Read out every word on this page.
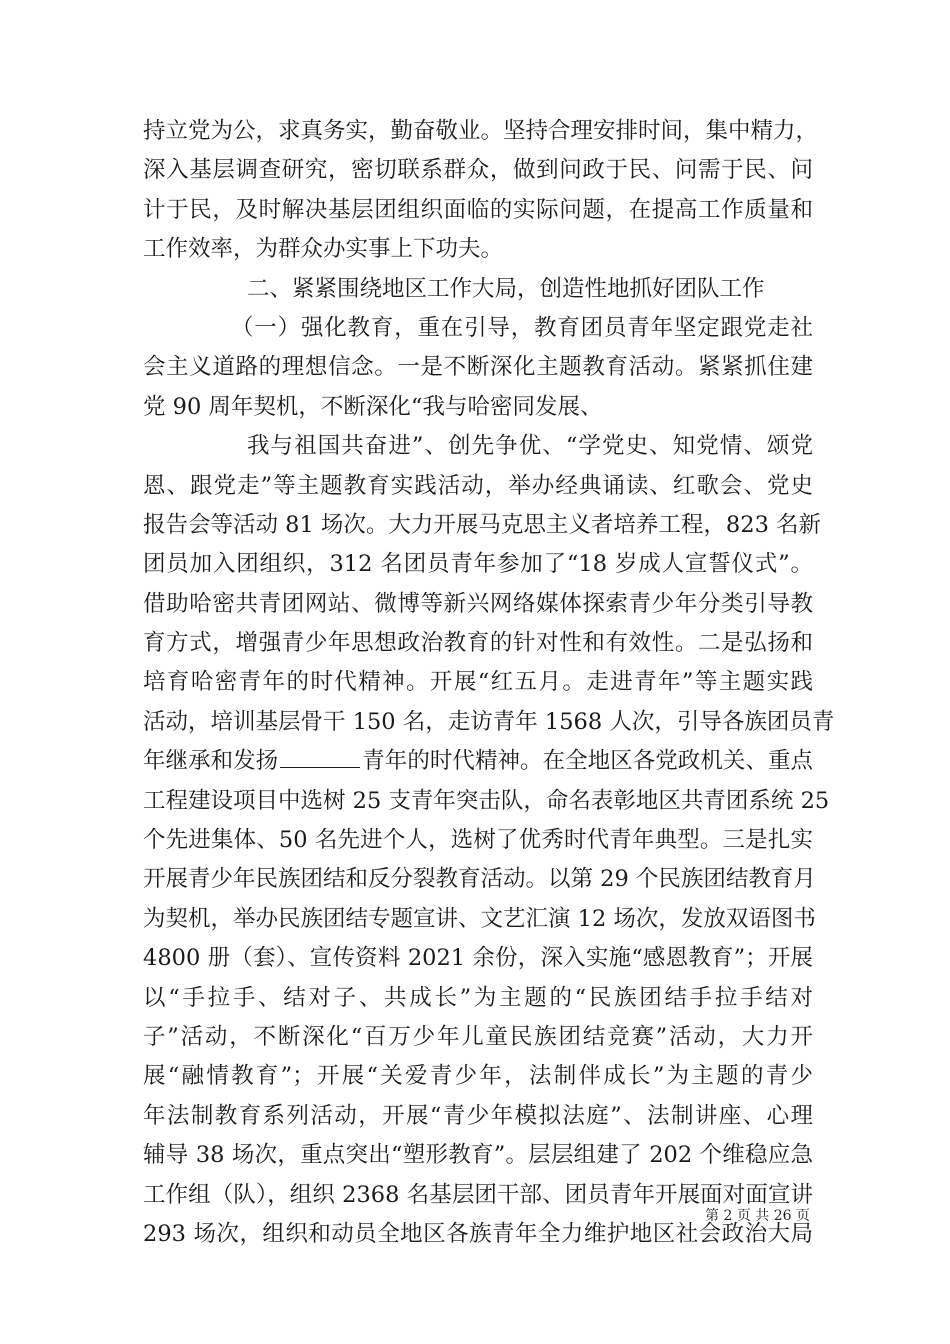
持立党为公，求真务实，勤奋敬业。坚持合理安排时间，集中精力，
深入基层调查研究，密切联系群众，做到问政于民、问需于民、问
计于民，及时解决基层团组织面临的实际问题，在提高工作质量和
工作效率，为群众办实事上下功夫。
二、紧紧围绕地区工作大局，创造性地抓好团队工作
（一）强化教育，重在引导，教育团员青年坚定跟党走社
会主义道路的理想信念。一是不断深化主题教育活动。紧紧抓住建
党 90 周年契机，不断深化“我与哈密同发展、
我与祖国共奋进”、创先争优、“学党史、知党情、颂党
恩、跟党走”等主题教育实践活动，举办经典诵读、红歌会、党史
报告会等活动 81 场次。大力开展马克思主义者培养工程，823 名新
团员加入团组织，312 名团员青年参加了“18 岁成人宣誓仪式”。
借助哈密共青团网站、微博等新兴网络媒体探索青少年分类引导教
育方式，增强青少年思想政治教育的针对性和有效性。二是弘扬和
培育哈密青年的时代精神。开展“红五月。走进青年”等主题实践
活动，培训基层骨干 150 名，走访青年 1568 人次，引导各族团员青
年继承和发扬	青年的时代精神。在全地区各党政机关、重点
工程建设项目中选树 25 支青年突击队，命名表彰地区共青团系统 25
个先进集体、50 名先进个人，选树了优秀时代青年典型。三是扎实
开展青少年民族团结和反分裂教育活动。以第 29 个民族团结教育月
为契机，举办民族团结专题宣讲、文艺汇演 12 场次，发放双语图书
4800 册（套）、宣传资料 2021 余份，深入实施“感恩教育”；开展
以“手拉手、结对子、共成长”为主题的“民族团结手拉手结对
子”活动，不断深化“百万少年儿童民族团结竞赛”活动，大力开
展“融情教育”；开展“关爱青少年，法制伴成长”为主题的青少
年法制教育系列活动，开展“青少年模拟法庭”、法制讲座、心理
辅导 38 场次，重点突出“塑形教育”。层层组建了 202 个维稳应急
工作组（队），组织 2368 名基层团干部、团员青年开展面对面宣讲
293 场次，组织和动员全地区各族青年全力维护地区社会政治大局
第 2 页 共 26 页
